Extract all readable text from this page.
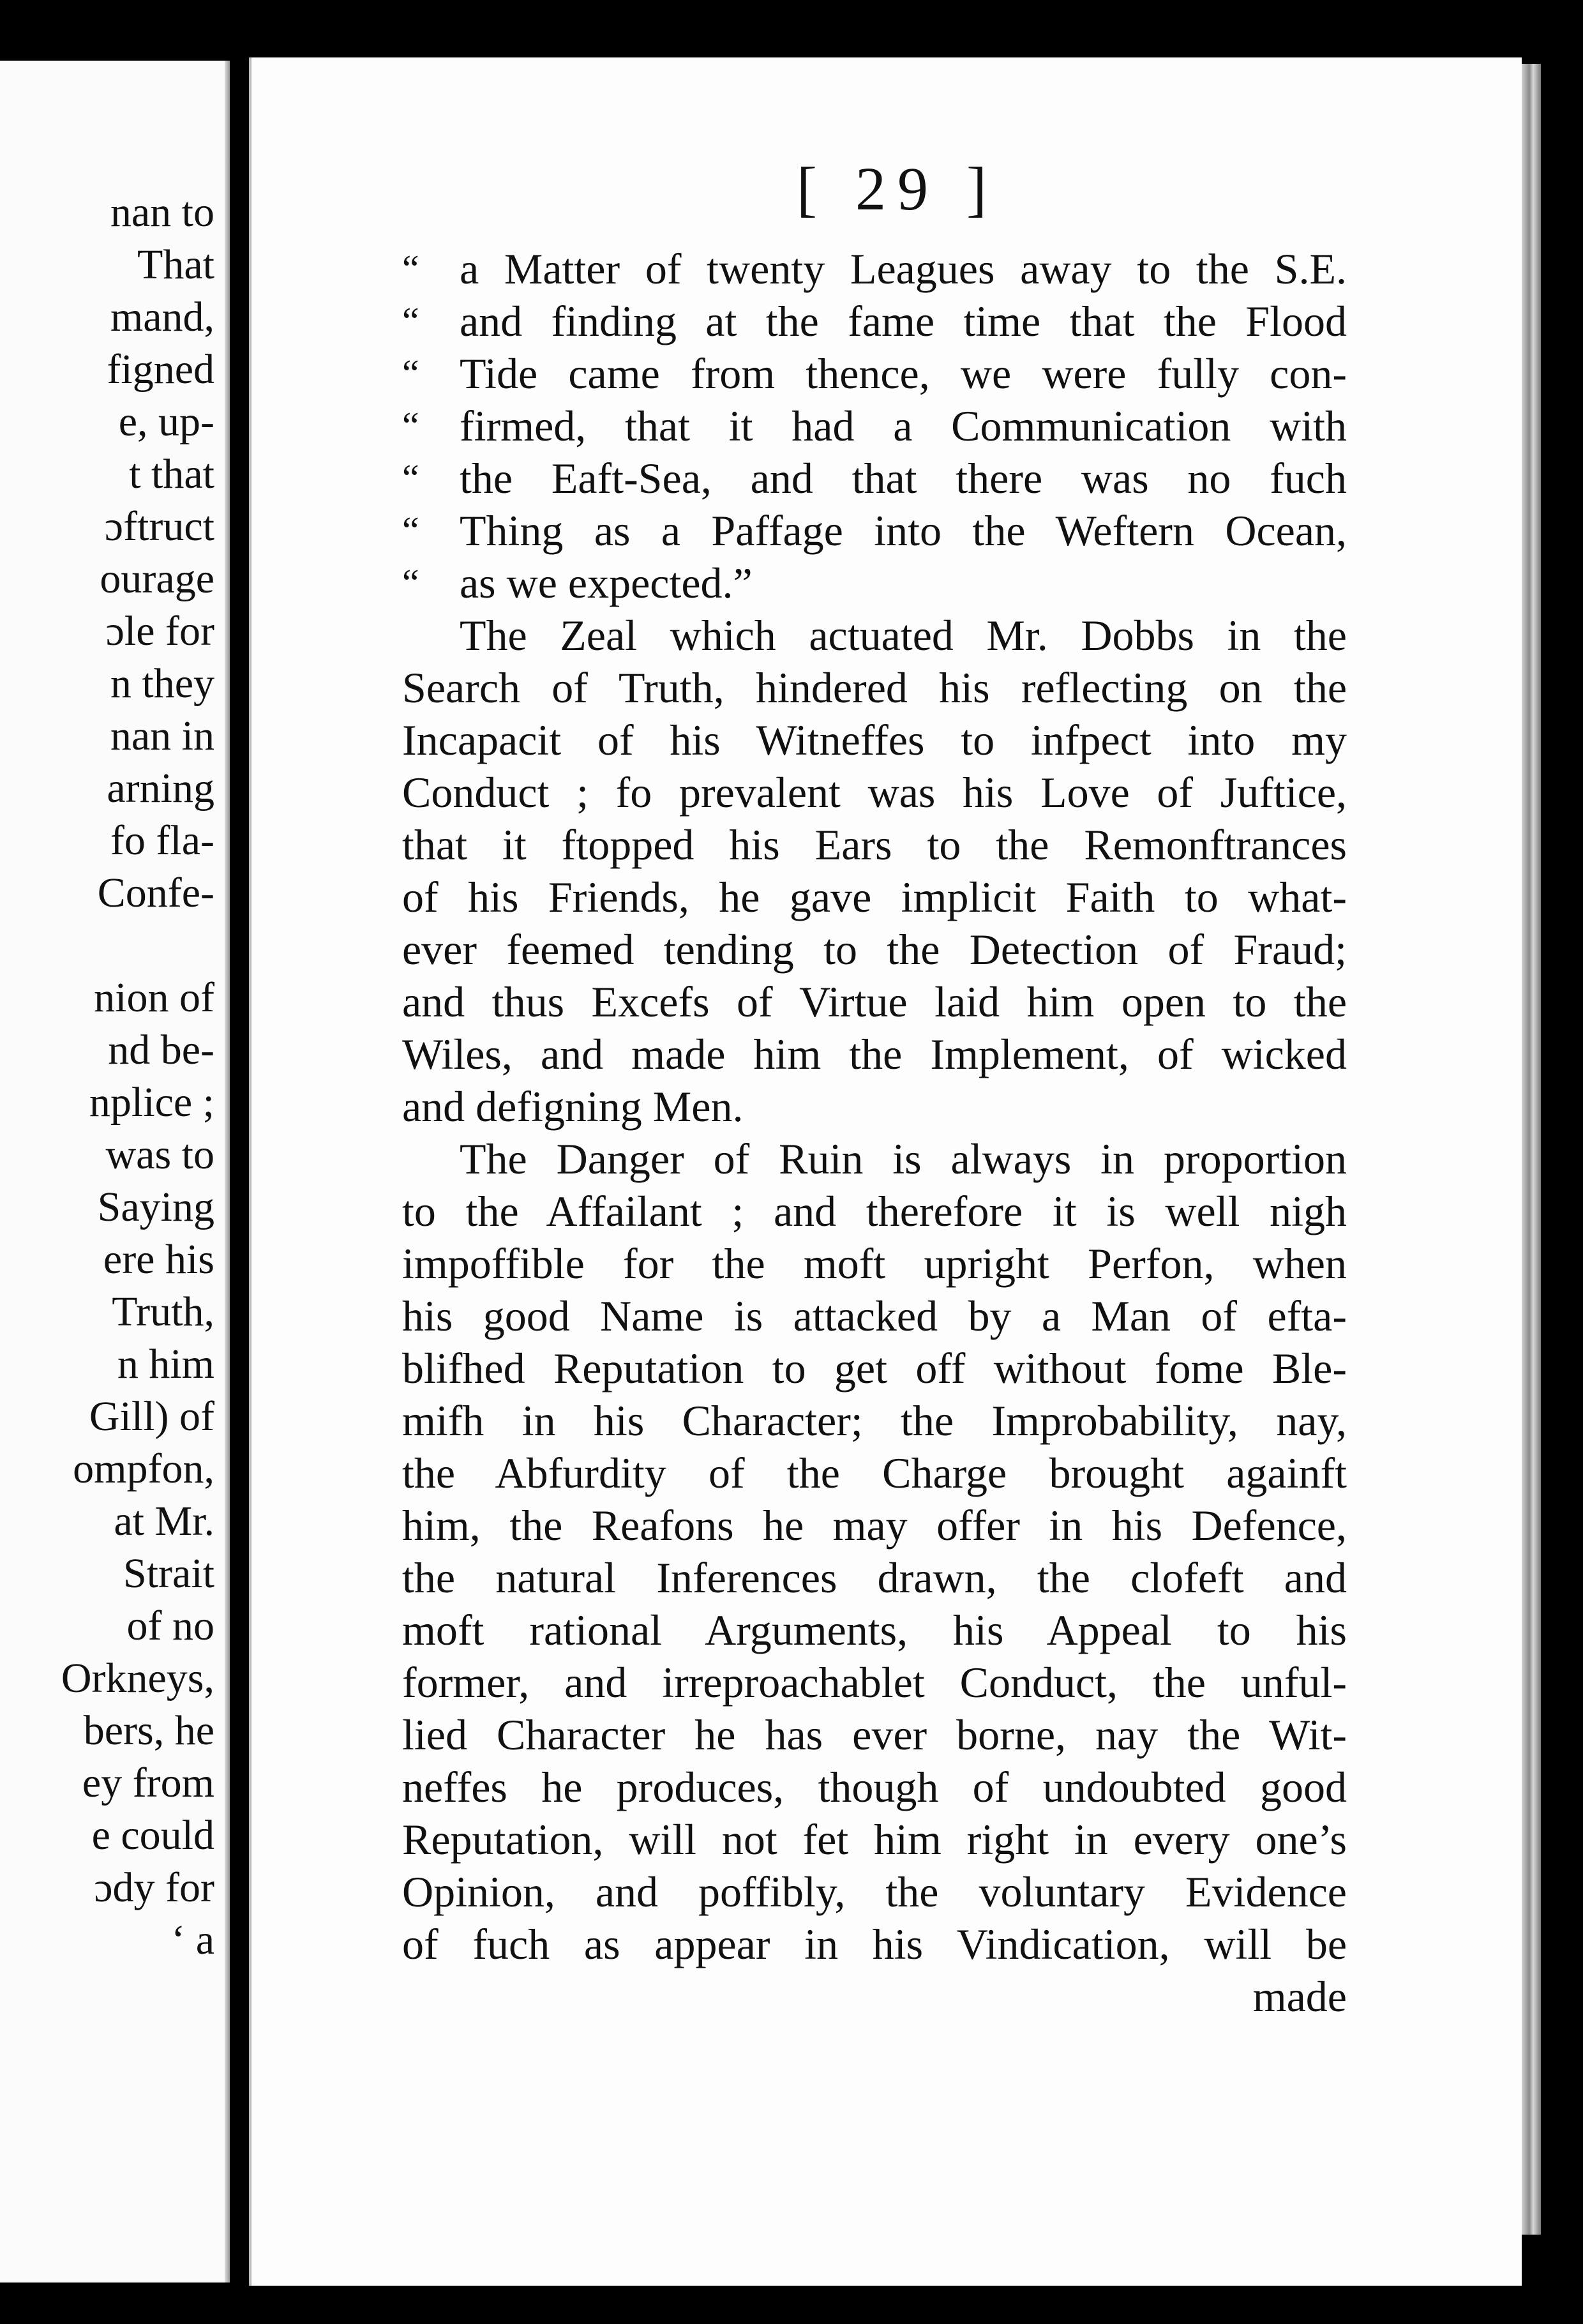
nan to
That
mand,
figned
e, up-
t that
ɔftruct
ourage
ɔle for
n they
nan in
arning
fo fla-
Confe-
nion of
nd be-
nplice ;
was to
Saying
ere his
Truth,
n him
Gill) of
ompfon,
at Mr.
Strait
of no
Orkneys,
bers, he
ey from
e could
ɔdy for
‘ a
[ 29 ]
“ a Matter of twenty Leagues away to the S.E.
“ and finding at the fame time that the Flood
“ Tide came from thence, we were fully con-
“ firmed, that it had a Communication with
“ the Eaft-Sea, and that there was no fuch
“ Thing as a Paffage into the Weftern Ocean,
“ as we expected.”
The Zeal which actuated Mr. Dobbs in the
Search of Truth, hindered his reflecting on the
Incapacit of his Witneffes to infpect into my
Conduct ; fo prevalent was his Love of Juftice,
that it ftopped his Ears to the Remonftrances
of his Friends, he gave implicit Faith to what-
ever feemed tending to the Detection of Fraud;
and thus Excefs of Virtue laid him open to the
Wiles, and made him the Implement, of wicked
and defigning Men.
The Danger of Ruin is always in proportion
to the Affailant ; and therefore it is well nigh
impoffible for the moft upright Perfon, when
his good Name is attacked by a Man of efta-
blifhed Reputation to get off without fome Ble-
mifh in his Character; the Improbability, nay,
the Abfurdity of the Charge brought againft
him, the Reafons he may offer in his Defence,
the natural Inferences drawn, the clofeft and
moft rational Arguments, his Appeal to his
former, and irreproachablet Conduct, the unful-
lied Character he has ever borne, nay the Wit-
neffes he produces, though of undoubted good
Reputation, will not fet him right in every one’s
Opinion, and poffibly, the voluntary Evidence
of fuch as appear in his Vindication, will be
made
